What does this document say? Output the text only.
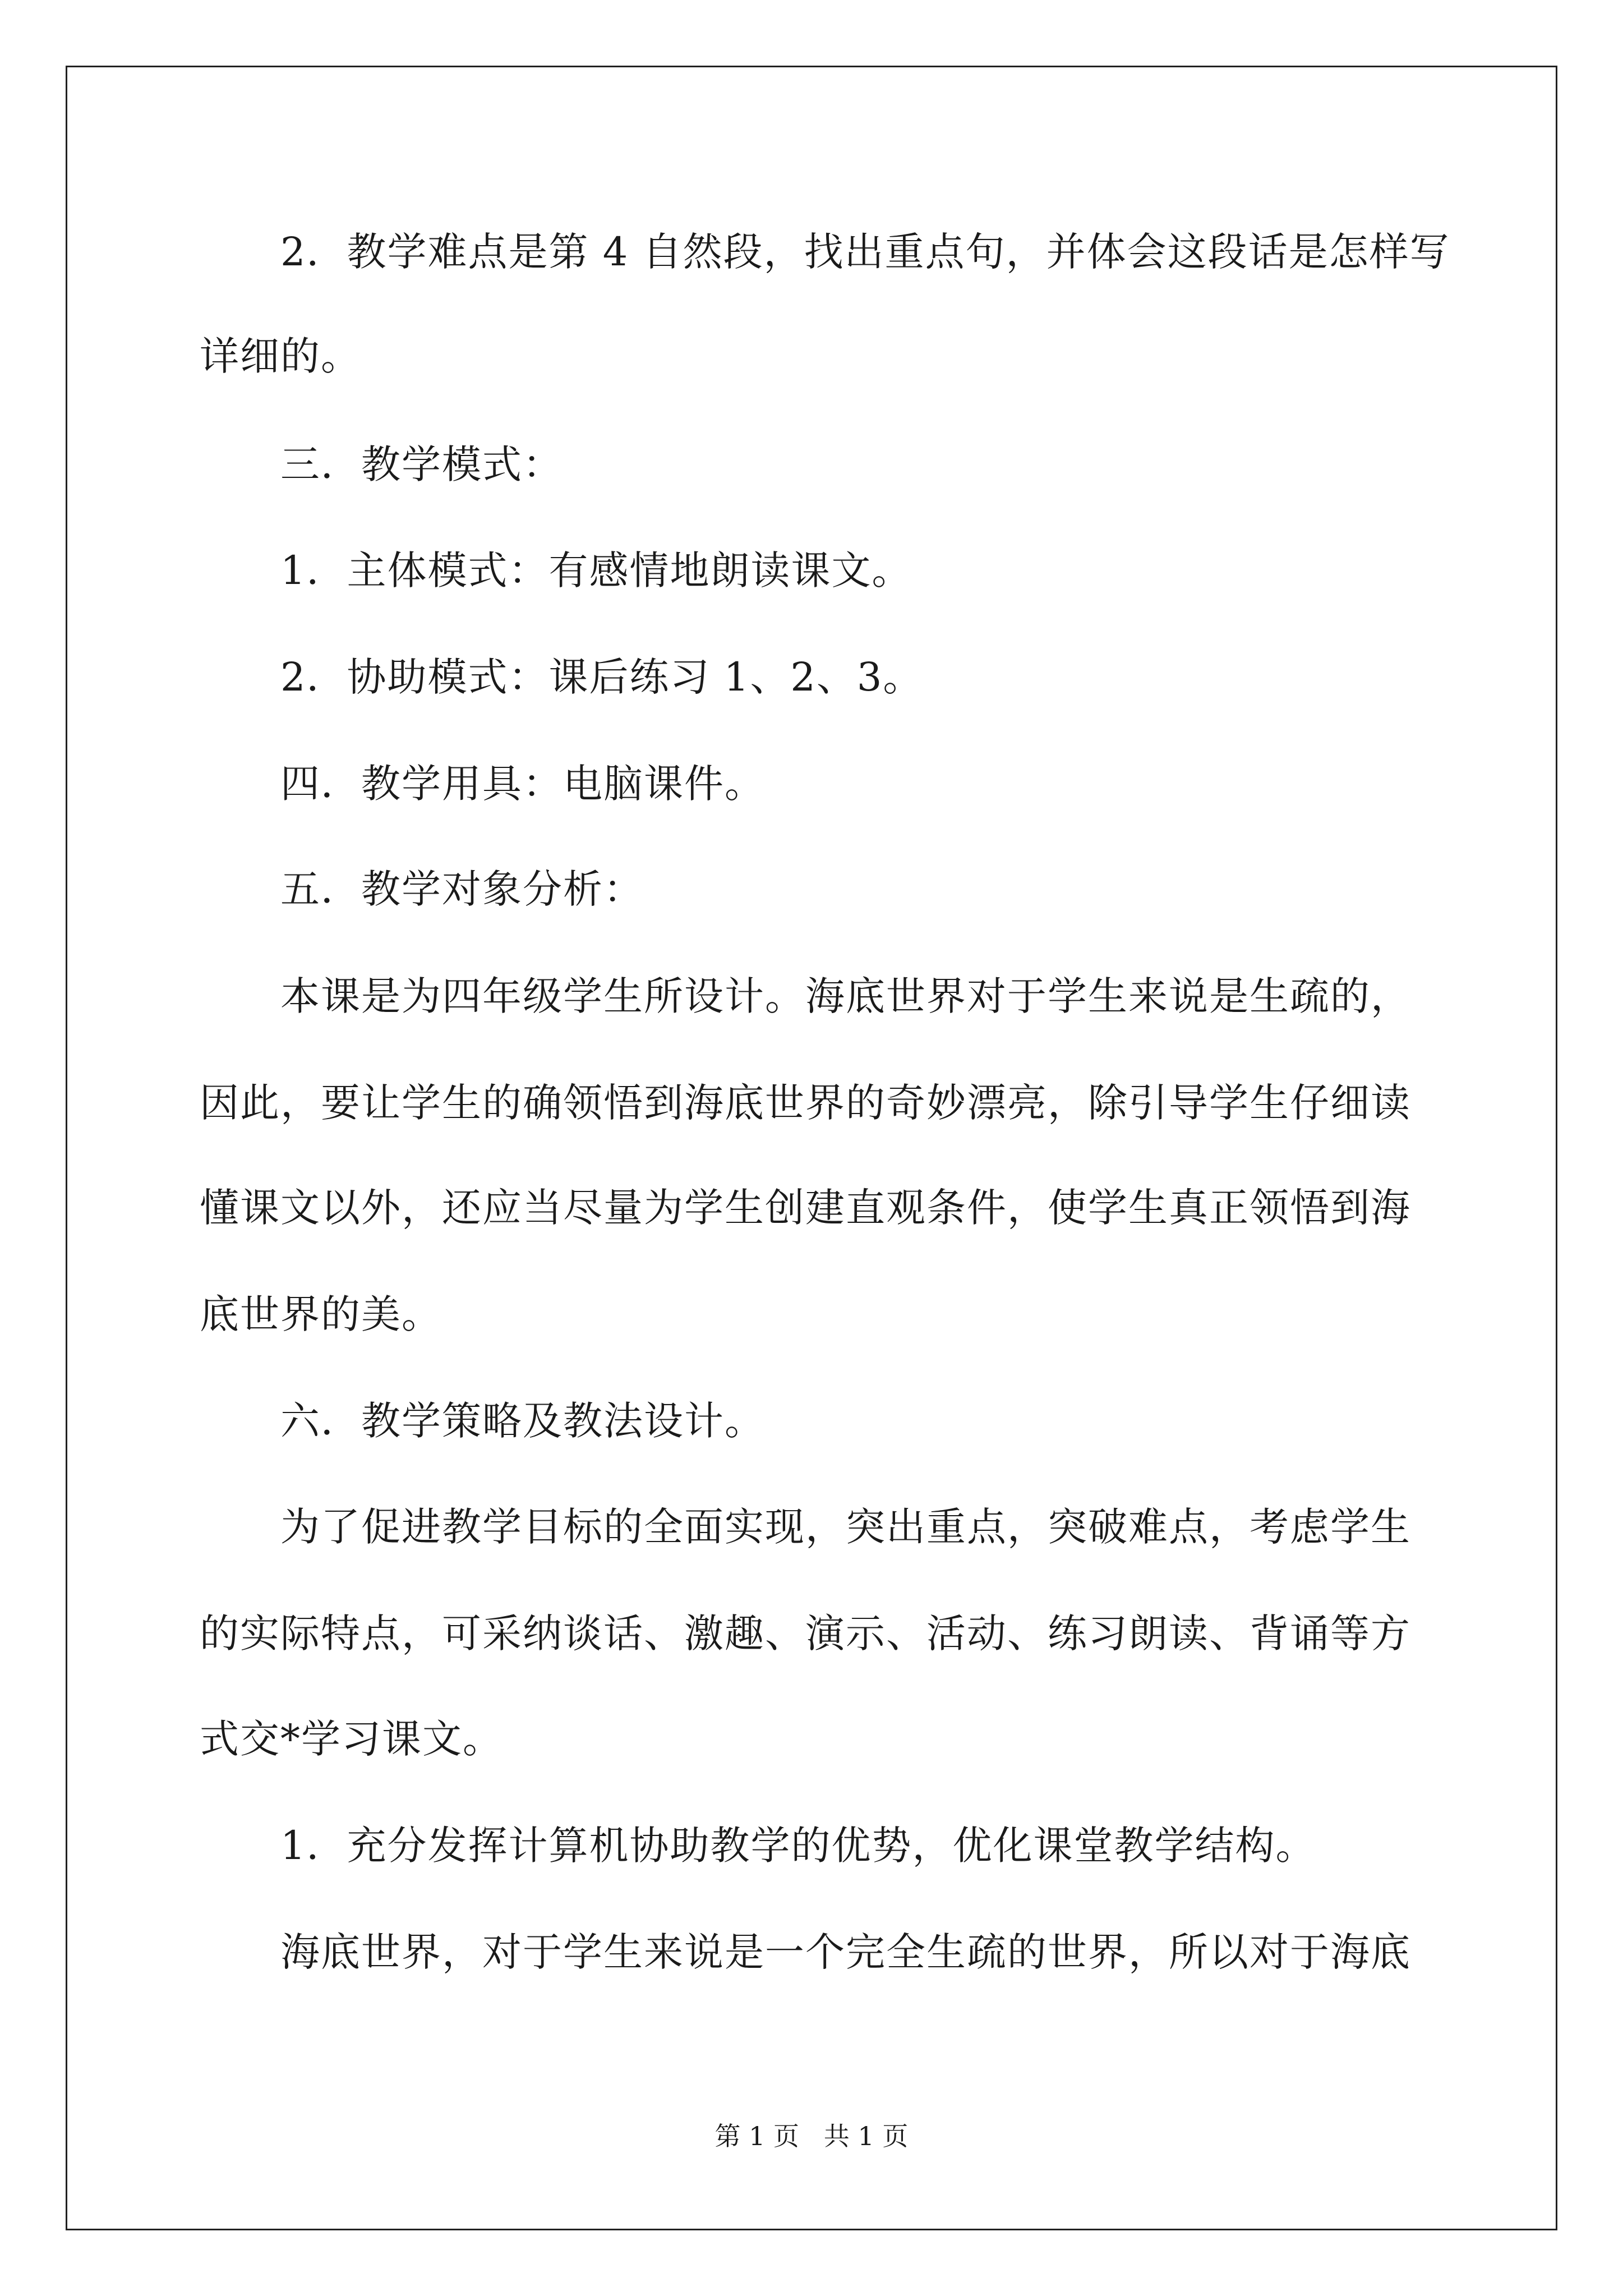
2．教学难点是第 4 自然段，找出重点句，并体会这段话是怎样写
详细的。
三．教学模式：
1．主体模式：有感情地朗读课文。
2．协助模式：课后练习 1、2、3。
四．教学用具：电脑课件。
五．教学对象分析：
本课是为四年级学生所设计。海底世界对于学生来说是生疏的，
因此，要让学生的确领悟到海底世界的奇妙漂亮，除引导学生仔细读
懂课文以外，还应当尽量为学生创建直观条件，使学生真正领悟到海
底世界的美。
六．教学策略及教法设计。
为了促进教学目标的全面实现，突出重点，突破难点，考虑学生
的实际特点，可采纳谈话、激趣、演示、活动、练习朗读、背诵等方
式交*学习课文。
1．充分发挥计算机协助教学的优势，优化课堂教学结构。
海底世界，对于学生来说是一个完全生疏的世界，所以对于海底
第 1 页   共 1 页
